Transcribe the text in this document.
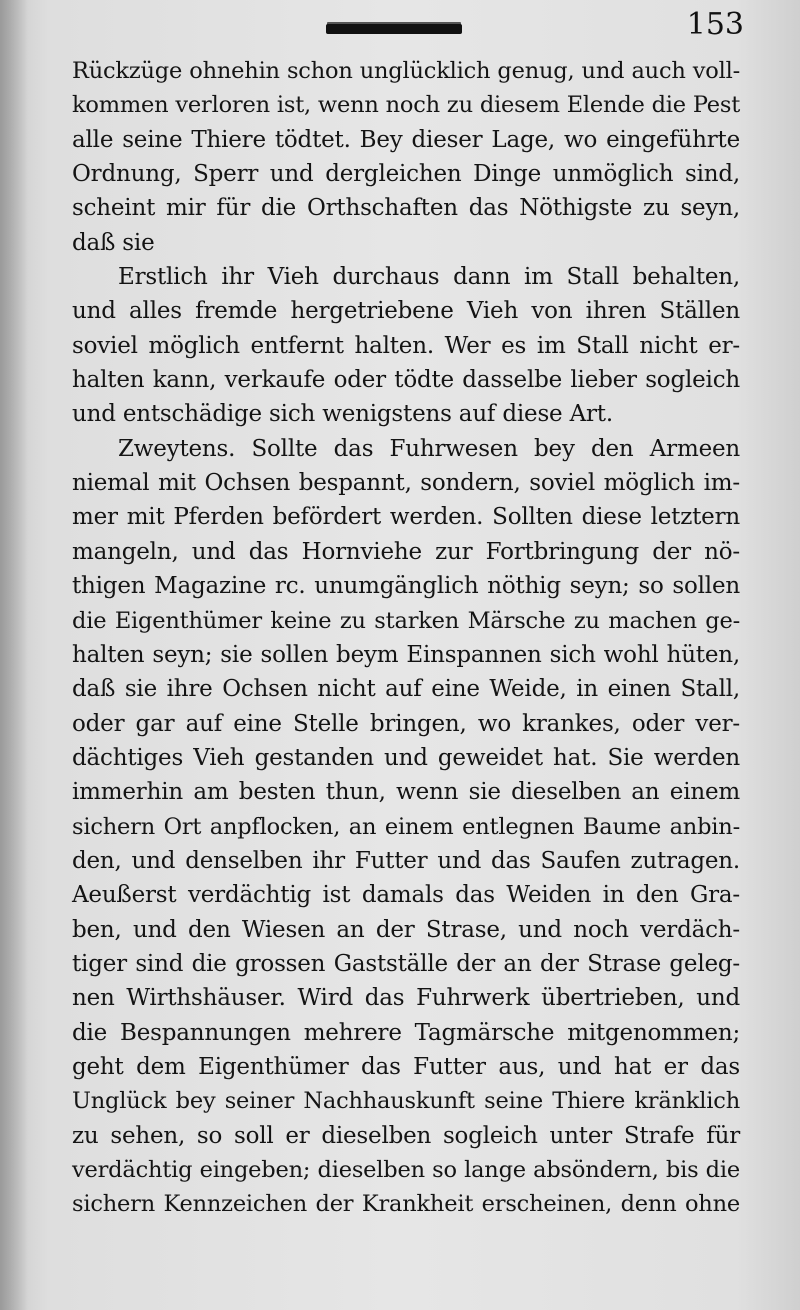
153
Rückzüge ohnehin schon unglücklich genug, und auch voll-
kommen verloren ist, wenn noch zu diesem Elende die Pest
alle seine Thiere tödtet. Bey dieser Lage, wo eingeführte
Ordnung, Sperr und dergleichen Dinge unmöglich sind,
scheint mir für die Orthschaften das Nöthigste zu seyn,
daß sie
Erstlich ihr Vieh durchaus dann im Stall behalten,
und alles fremde hergetriebene Vieh von ihren Ställen
soviel möglich entfernt halten. Wer es im Stall nicht er-
halten kann, verkaufe oder tödte dasselbe lieber sogleich
und entschädige sich wenigstens auf diese Art.
Zweytens. Sollte das Fuhrwesen bey den Armeen
niemal mit Ochsen bespannt, sondern, soviel möglich im-
mer mit Pferden befördert werden. Sollten diese letztern
mangeln, und das Hornviehe zur Fortbringung der nö-
thigen Magazine rc. unumgänglich nöthig seyn; so sollen
die Eigenthümer keine zu starken Märsche zu machen ge-
halten seyn; sie sollen beym Einspannen sich wohl hüten,
daß sie ihre Ochsen nicht auf eine Weide, in einen Stall,
oder gar auf eine Stelle bringen, wo krankes, oder ver-
dächtiges Vieh gestanden und geweidet hat. Sie werden
immerhin am besten thun, wenn sie dieselben an einem
sichern Ort anpflocken, an einem entlegnen Baume anbin-
den, und denselben ihr Futter und das Saufen zutragen.
Aeußerst verdächtig ist damals das Weiden in den Gra-
ben, und den Wiesen an der Strase, und noch verdäch-
tiger sind die grossen Gastställe der an der Strase geleg-
nen Wirthshäuser. Wird das Fuhrwerk übertrieben, und
die Bespannungen mehrere Tagmärsche mitgenommen;
geht dem Eigenthümer das Futter aus, und hat er das
Unglück bey seiner Nachhauskunft seine Thiere kränklich
zu sehen, so soll er dieselben sogleich unter Strafe für
verdächtig eingeben; dieselben so lange absöndern, bis die
sichern Kennzeichen der Krankheit erscheinen, denn ohne
